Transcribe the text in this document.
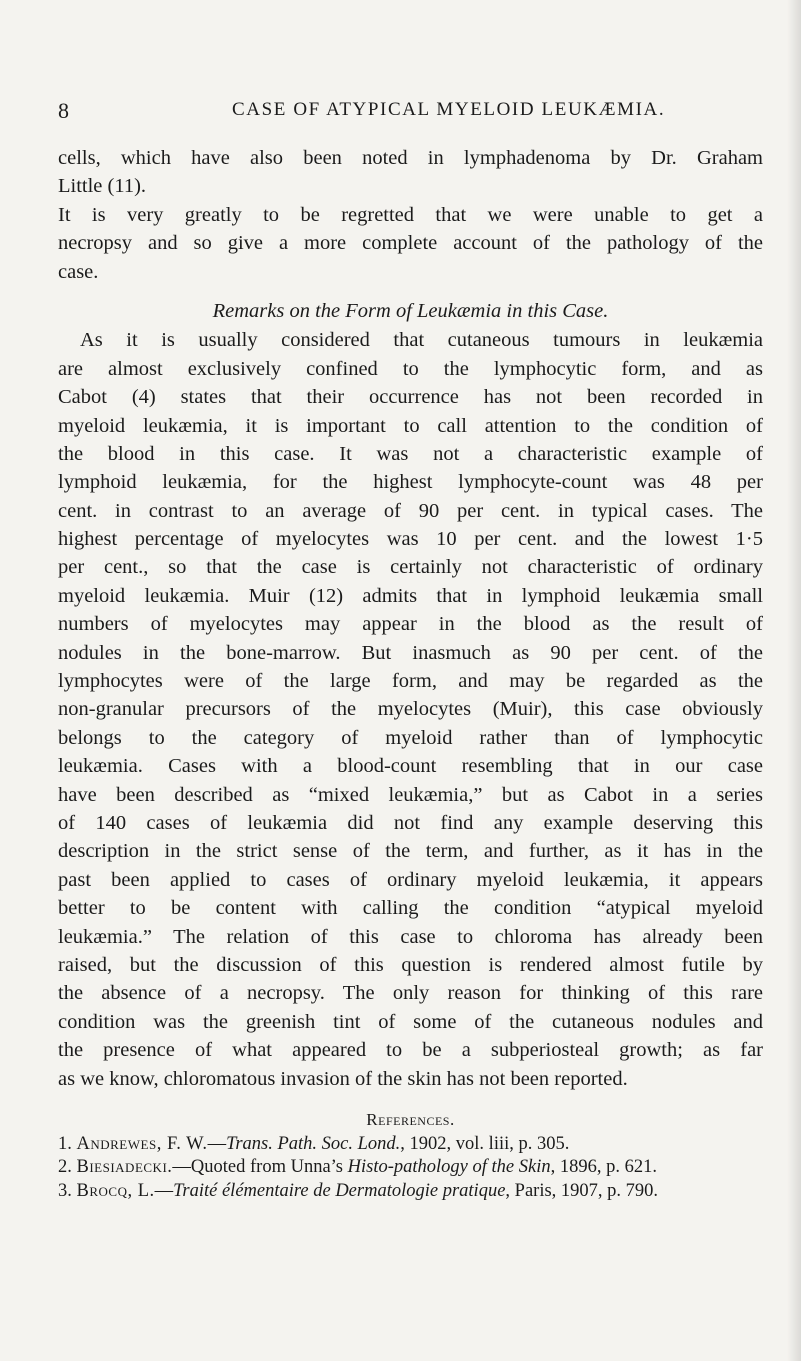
8	CASE OF ATYPICAL MYELOID LEUKÆMIA.
cells, which have also been noted in lymphadenoma by Dr. Graham
Little (11).
It is very greatly to be regretted that we were unable to get a
necropsy and so give a more complete account of the pathology of the
case.
Remarks on the Form of Leukæmia in this Case.
As it is usually considered that cutaneous tumours in leukæmia
are almost exclusively confined to the lymphocytic form, and as
Cabot (4) states that their occurrence has not been recorded in
myeloid leukæmia, it is important to call attention to the condition of
the blood in this case. It was not a characteristic example of
lymphoid leukæmia, for the highest lymphocyte-count was 48 per
cent. in contrast to an average of 90 per cent. in typical cases. The
highest percentage of myelocytes was 10 per cent. and the lowest 1·5
per cent., so that the case is certainly not characteristic of ordinary
myeloid leukæmia. Muir (12) admits that in lymphoid leukæmia small
numbers of myelocytes may appear in the blood as the result of
nodules in the bone-marrow. But inasmuch as 90 per cent. of the
lymphocytes were of the large form, and may be regarded as the
non-granular precursors of the myelocytes (Muir), this case obviously
belongs to the category of myeloid rather than of lymphocytic
leukæmia. Cases with a blood-count resembling that in our case
have been described as “mixed leukæmia,” but as Cabot in a series
of 140 cases of leukæmia did not find any example deserving this
description in the strict sense of the term, and further, as it has in the
past been applied to cases of ordinary myeloid leukæmia, it appears
better to be content with calling the condition “atypical myeloid
leukæmia.” The relation of this case to chloroma has already been
raised, but the discussion of this question is rendered almost futile by
the absence of a necropsy. The only reason for thinking of this rare
condition was the greenish tint of some of the cutaneous nodules and
the presence of what appeared to be a subperiosteal growth; as far
as we know, chloromatous invasion of the skin has not been reported.
References.
1. Andrewes, F. W.—Trans. Path. Soc. Lond., 1902, vol. liii, p. 305.
2. Biesiadecki.—Quoted from Unna’s Histo-pathology of the Skin, 1896, p. 621.
3. Brocq, L.—Traité élémentaire de Dermatologie pratique, Paris, 1907, p. 790.
